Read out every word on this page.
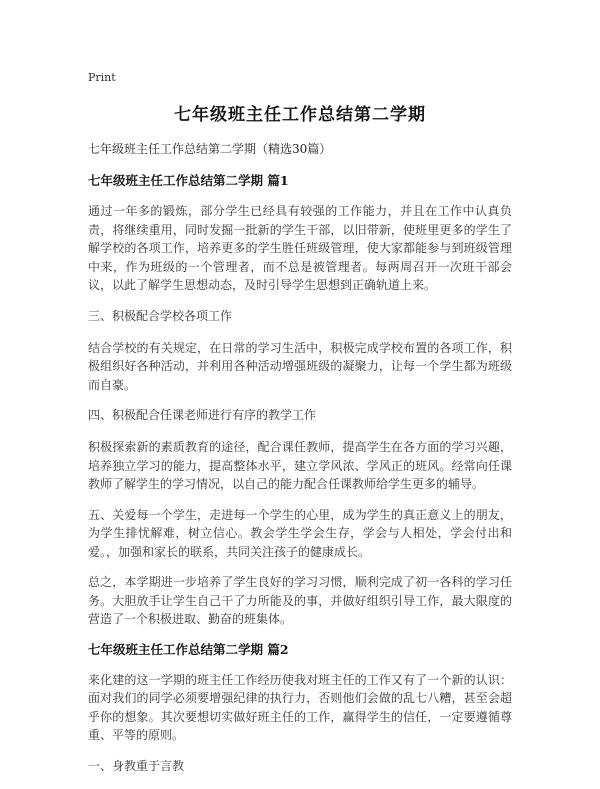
Print
七年级班主任工作总结第二学期

七年级班主任工作总结第二学期（精选30篇）

七年级班主任工作总结第二学期 篇1

通过一年多的锻炼，部分学生已经具有较强的工作能力，并且在工作中认真负责，将继续重用，同时发掘一批新的学生干部，以旧带新，使班里更多的学生了解学校的各项工作，培养更多的学生胜任班级管理，使大家都能参与到班级管理中来，作为班级的一个管理者，而不总是被管理者。每两周召开一次班干部会议，以此了解学生思想动态，及时引导学生思想到正确轨道上来。

三、积极配合学校各项工作

结合学校的有关规定，在日常的学习生活中，积极完成学校布置的各项工作，积极组织好各种活动，并利用各种活动增强班级的凝聚力，让每一个学生都为班级而自豪。

四、积极配合任课老师进行有序的教学工作

积极探索新的素质教育的途径，配合课任教师，提高学生在各方面的学习兴趣，培养独立学习的能力，提高整体水平，建立学风浓、学风正的班风。经常向任课教师了解学生的学习情况，以自己的能力配合任课教师给学生更多的辅导。

五、关爱每一个学生，走进每一个学生的心里，成为学生的真正意义上的朋友，为学生排忧解难，树立信心。教会学生学会生存，学会与人相处，学会付出和爱。，加强和家长的联系，共同关注孩子的健康成长。

总之，本学期进一步培养了学生良好的学习习惯，顺利完成了初一各科的学习任务。大胆放手让学生自己干了力所能及的事，并做好组织引导工作，最大限度的营造了一个积极进取、勤奋的班集体。

七年级班主任工作总结第二学期 篇2

来化建的这一学期的班主任工作经历使我对班主任的工作又有了一个新的认识：面对我们的同学必须要增强纪律的执行力，否则他们会做的乱七八糟，甚至会超乎你的想象。其次要想切实做好班主任的工作，赢得学生的信任，一定要遵循尊重、平等的原则。

一、身教重于言教
